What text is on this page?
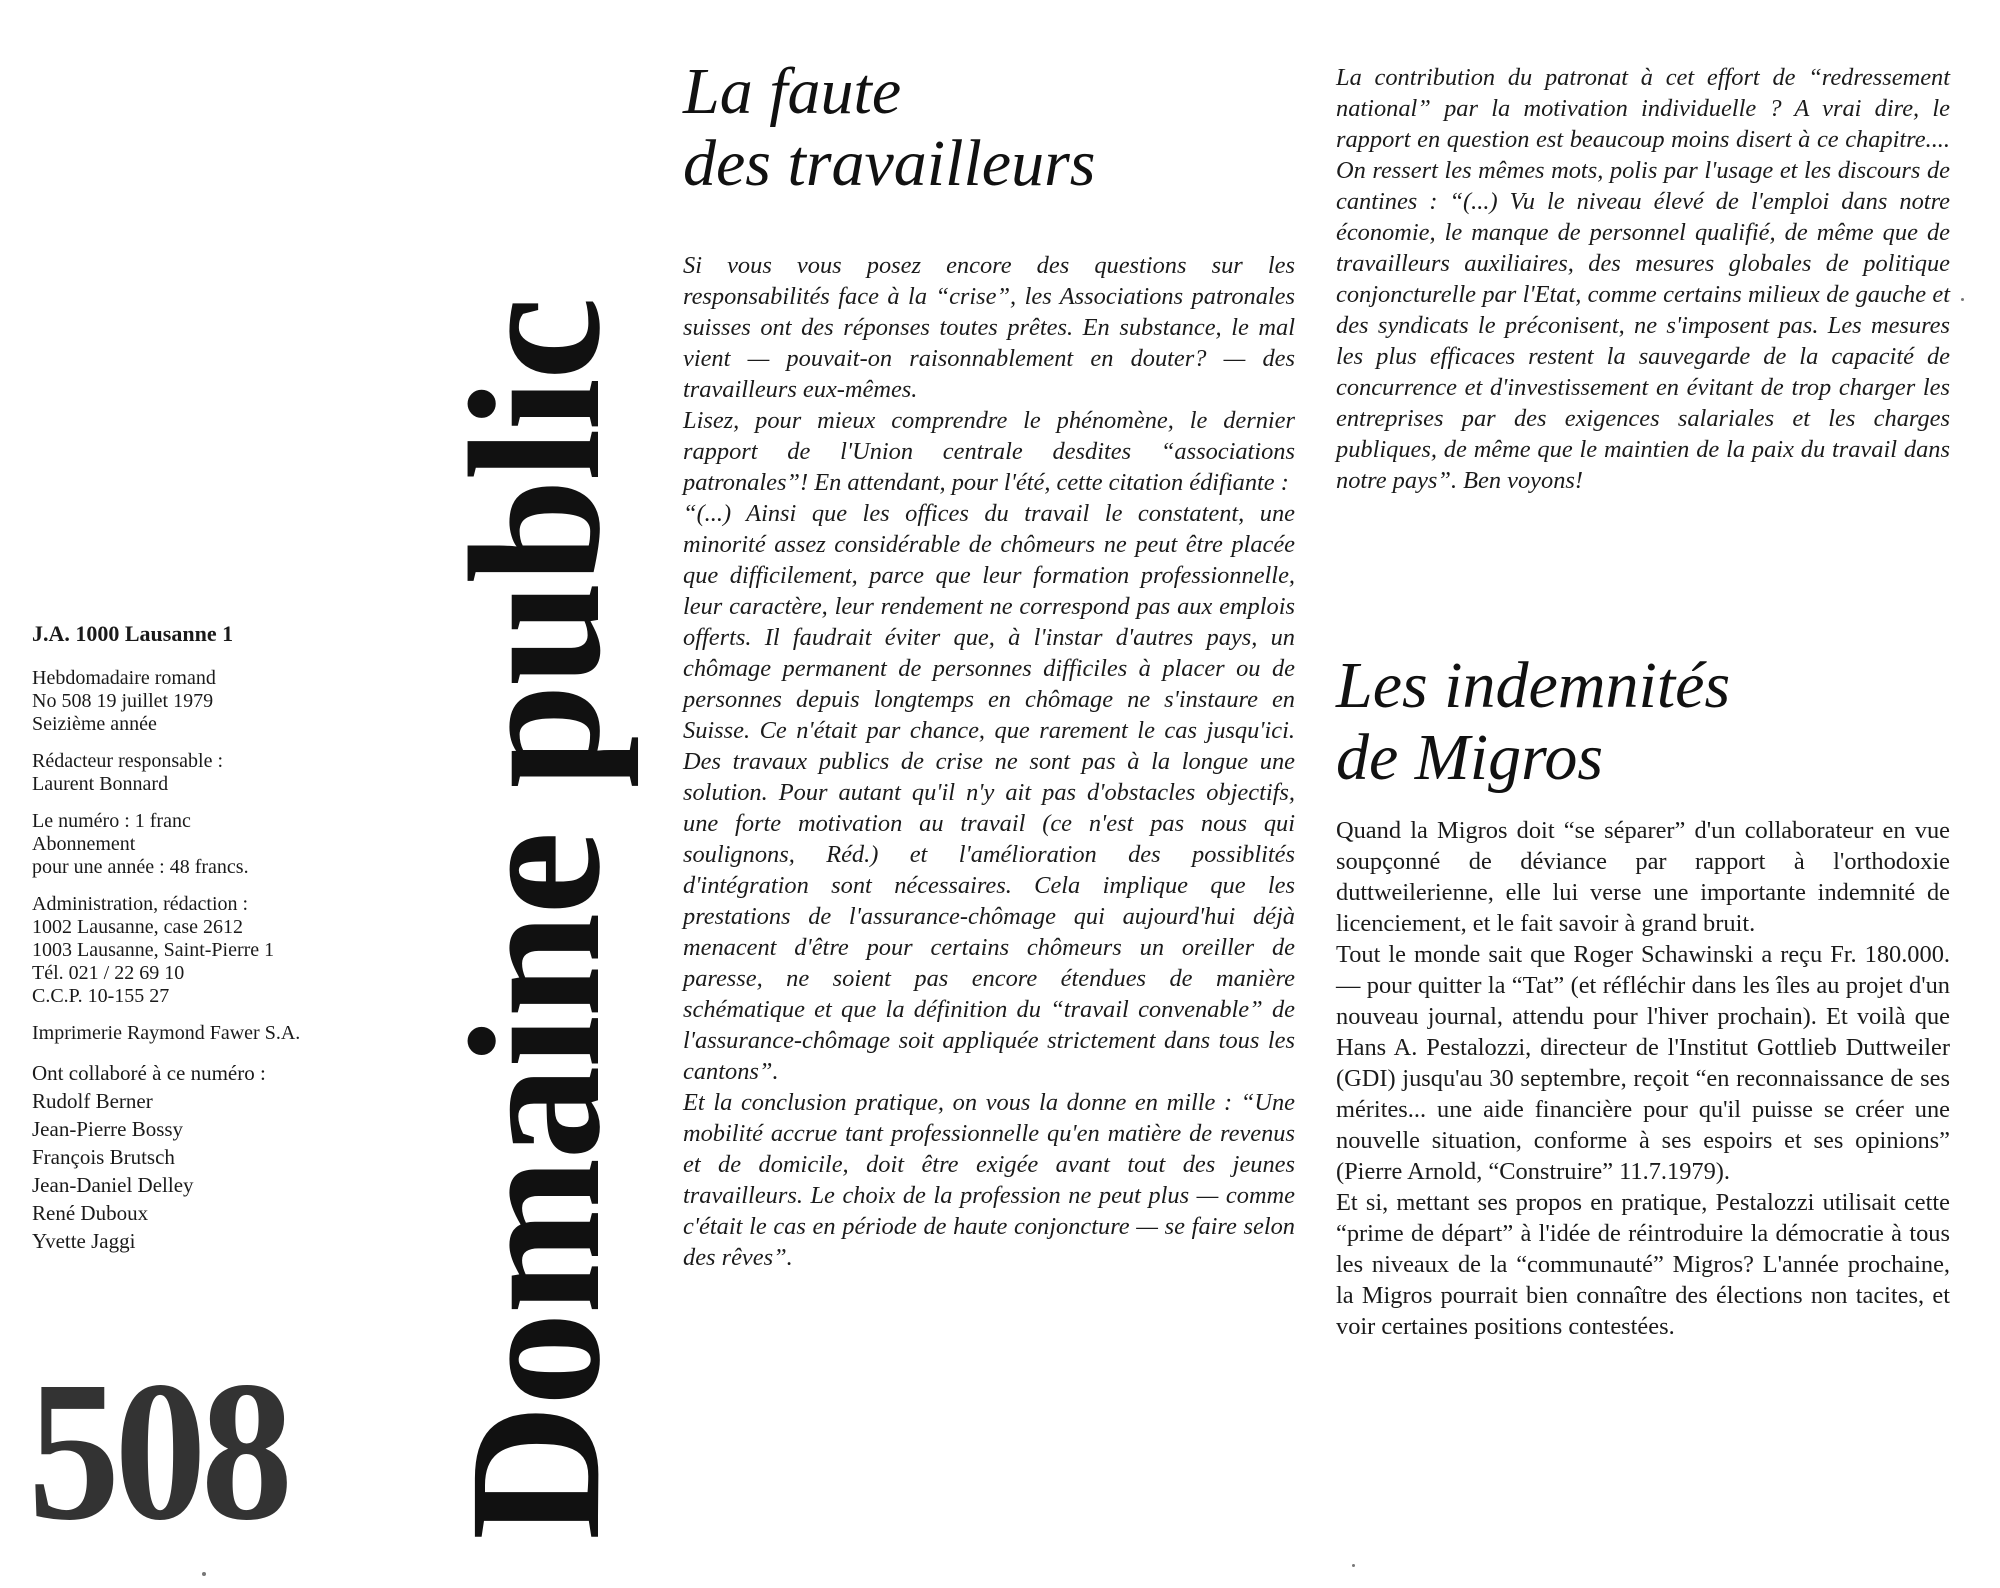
J.A. 1000 Lausanne 1

Hebdomadaire romand
No 508 19 juillet 1979
Seizième année

Rédacteur responsable :
Laurent Bonnard

Le numéro : 1 franc
Abonnement
pour une année : 48 francs.

Administration, rédaction :
1002 Lausanne, case 2612
1003 Lausanne, Saint-Pierre 1
Tél. 021 / 22 69 10
C.C.P. 10-155 27

Imprimerie Raymond Fawer S.A.

Ont collaboré à ce numéro :
Rudolf Berner
Jean-Pierre Bossy
François Brutsch
Jean-Daniel Delley
René Duboux
Yvette Jaggi

508 Domaine public
La faute
des travailleurs

Si vous vous posez encore des questions sur les responsabilités face à la “crise”, les Associations patronales suisses ont des réponses toutes prêtes. En substance, le mal vient — pouvait-on raisonnablement en douter? — des travailleurs eux-mêmes.

Lisez, pour mieux comprendre le phénomène, le dernier rapport de l'Union centrale desdites “associations patronales”! En attendant, pour l'été, cette citation édifiante :

“(...) Ainsi que les offices du travail le constatent, une minorité assez considérable de chômeurs ne peut être placée que difficilement, parce que leur formation professionnelle, leur caractère, leur rendement ne correspond pas aux emplois offerts. Il faudrait éviter que, à l'instar d'autres pays, un chômage permanent de personnes difficiles à placer ou de personnes depuis longtemps en chômage ne s'instaure en Suisse. Ce n'était par chance, que rarement le cas jusqu'ici. Des travaux publics de crise ne sont pas à la longue une solution. Pour autant qu'il n'y ait pas d'obstacles objectifs, une forte motivation au travail (ce n'est pas nous qui soulignons, Réd.) et l'amélioration des possiblités d'intégration sont nécessaires. Cela implique que les prestations de l'assurance-chômage qui aujourd'hui déjà menacent d'être pour certains chômeurs un oreiller de paresse, ne soient pas encore étendues de manière schématique et que la définition du “travail convenable” de l'assurance-chômage soit appliquée strictement dans tous les cantons”.

Et la conclusion pratique, on vous la donne en mille : “Une mobilité accrue tant professionnelle qu'en matière de revenus et de domicile, doit être exigée avant tout des jeunes travailleurs. Le choix de la profession ne peut plus — comme c'était le cas en période de haute conjoncture — se faire selon des rêves”.

La contribution du patronat à cet effort de “redressement national” par la motivation individuelle ? A vrai dire, le rapport en question est beaucoup moins disert à ce chapitre.... On ressert les mêmes mots, polis par l'usage et les discours de cantines : “(...) Vu le niveau élevé de l'emploi dans notre économie, le manque de personnel qualifié, de même que de travailleurs auxiliaires, des mesures globales de politique conjoncturelle par l'Etat, comme certains milieux de gauche et des syndicats le préconisent, ne s'imposent pas. Les mesures les plus efficaces restent la sauvegarde de la capacité de concurrence et d'investissement en évitant de trop charger les entreprises par des exigences salariales et les charges publiques, de même que le maintien de la paix du travail dans notre pays”. Ben voyons!

Les indemnités
de Migros

Quand la Migros doit “se séparer” d'un collaborateur en vue soupçonné de déviance par rapport à l'orthodoxie duttweilerienne, elle lui verse une importante indemnité de licenciement, et le fait savoir à grand bruit.

Tout le monde sait que Roger Schawinski a reçu Fr. 180.000.— pour quitter la “Tat” (et réfléchir dans les îles au projet d'un nouveau journal, attendu pour l'hiver prochain). Et voilà que Hans A. Pestalozzi, directeur de l'Institut Gottlieb Duttweiler (GDI) jusqu'au 30 septembre, reçoit “en reconnaissance de ses mérites... une aide financière pour qu'il puisse se créer une nouvelle situation, conforme à ses espoirs et ses opinions” (Pierre Arnold, “Construire” 11.7.1979).

Et si, mettant ses propos en pratique, Pestalozzi utilisait cette “prime de départ” à l'idée de réintroduire la démocratie à tous les niveaux de la “communauté” Migros? L'année prochaine, la Migros pourrait bien connaître des élections non tacites, et voir certaines positions contestées.
